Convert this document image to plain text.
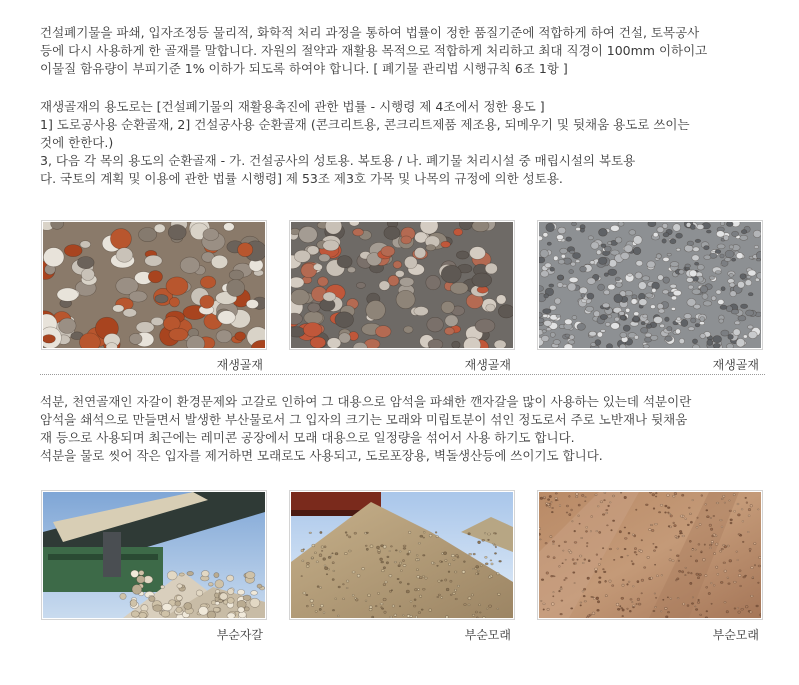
건설폐기물을 파쇄, 입자조정등 물리적, 화학적 처리 과정을 통하여 법률이 정한 품질기준에 적합하게 하여 건설, 토목공사

등에 다시 사용하게 한 골재를 말합니다. 자원의 절약과 재활용 목적으로 적합하게 처리하고 최대 직경이 100mm 이하이고

이물질 함유량이 부피기준 1% 이하가 되도록 하여야 합니다. [ 폐기물 관리법 시행규칙 6조 1항 ]

재생골재의 용도로는 [건설폐기물의 재활용촉진에 관한 법률 - 시행령 제 4조에서 정한 용도 ]

1] 도로공사용 순환골재, 2] 건설공사용 순환골재 (콘크리트용, 콘크리트제품 제조용, 되메우기 및 뒷채움 용도로 쓰이는

것에 한한다.)

3, 다음 각 목의 용도의 순환골재 - 가. 건설공사의 성토용. 복토용 / 나. 폐기물 처리시설 중 매립시설의 복토용

다. 국토의 계획 및 이용에 관한 법률 시행령] 제 53조 제3호 가목 및 나목의 규정에 의한 성토용.

재생골재	재생골재	재생골재

석분, 천연골재인 자갈이 환경문제와 고갈로 인하여 그 대용으로 암석을 파쇄한 깬자갈을 많이 사용하는 있는데 석분이란

암석을 쇄석으로 만들면서 발생한 부산물로서 그 입자의 크기는 모래와 미립토분이 섞인 정도로서 주로 노반재나 뒷채움

재 등으로 사용되며 최근에는 레미콘 공장에서 모래 대용으로 일정량을 섞어서 사용 하기도 합니다.

석분을 물로 씻어 작은 입자를 제거하면 모래로도 사용되고, 도로포장용, 벽돌생산등에 쓰이기도 합니다.

부순자갈	부순모래	부순모래
